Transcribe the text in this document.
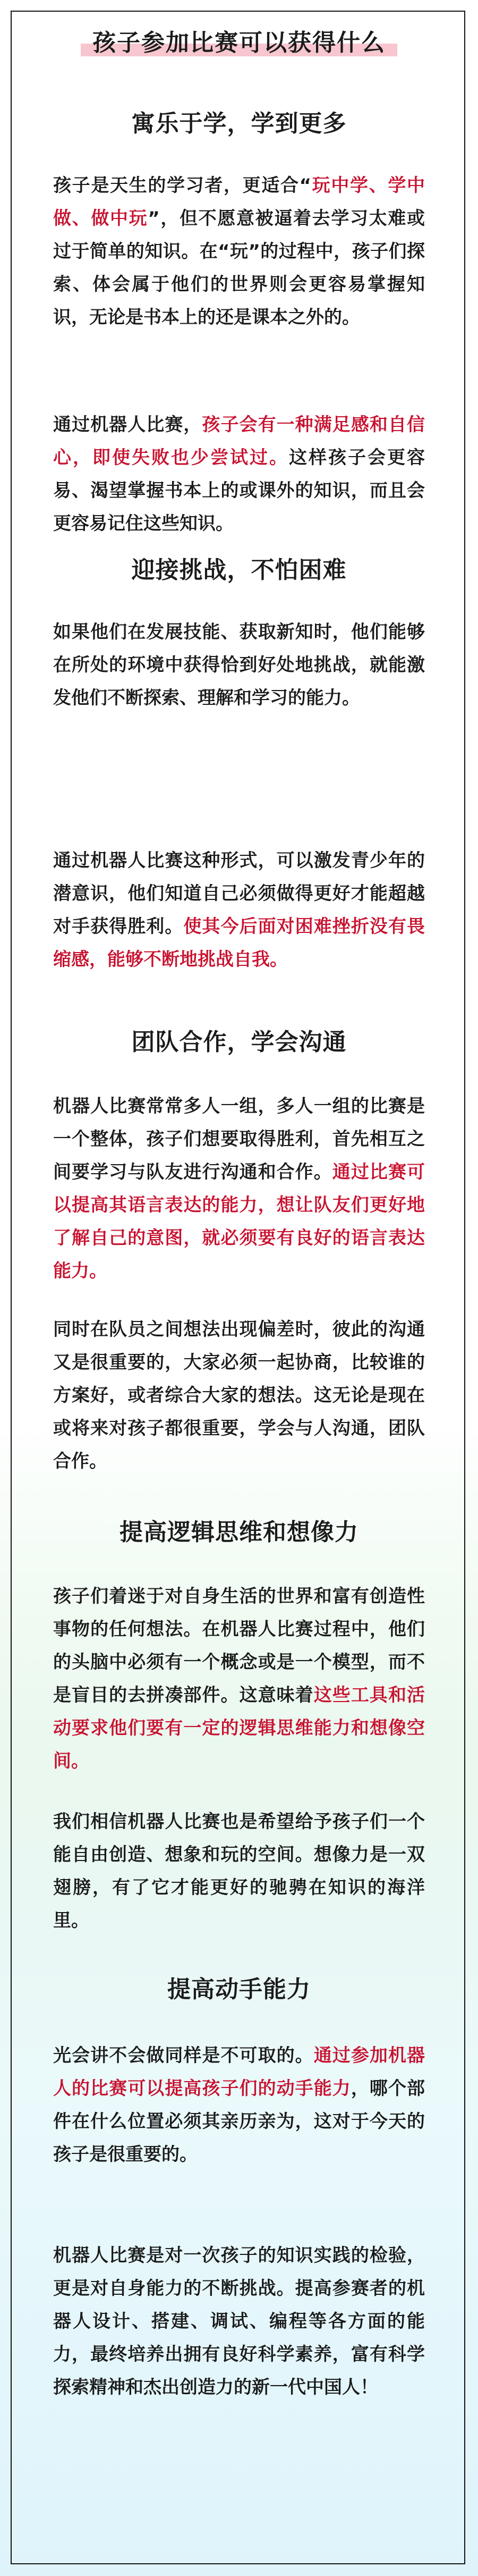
孩子参加比赛可以获得什么
寓乐于学，学到更多

孩子是天生的学习者，更适合“玩中学、学中做、做中玩”，但不愿意被逼着去学习太难或过于简单的知识。在“玩”的过程中，孩子们探索、体会属于他们的世界则会更容易掌握知识，无论是书本上的还是课本之外的。

通过机器人比赛，孩子会有一种满足感和自信心，即使失败也少尝试过。这样孩子会更容易、渴望掌握书本上的或课外的知识，而且会更容易记住这些知识。

迎接挑战，不怕困难

如果他们在发展技能、获取新知时，他们能够在所处的环境中获得恰到好处地挑战，就能激发他们不断探索、理解和学习的能力。

通过机器人比赛这种形式，可以激发青少年的潜意识，他们知道自己必须做得更好才能超越对手获得胜利。使其今后面对困难挫折没有畏缩感，能够不断地挑战自我。

团队合作，学会沟通

机器人比赛常常多人一组，多人一组的比赛是一个整体，孩子们想要取得胜利，首先相互之间要学习与队友进行沟通和合作。通过比赛可以提高其语言表达的能力，想让队友们更好地了解自己的意图，就必须要有良好的语言表达能力。

同时在队员之间想法出现偏差时，彼此的沟通又是很重要的，大家必须一起协商，比较谁的方案好，或者综合大家的想法。这无论是现在或将来对孩子都很重要，学会与人沟通，团队合作。

提高逻辑思维和想像力

孩子们着迷于对自身生活的世界和富有创造性事物的任何想法。在机器人比赛过程中，他们的头脑中必须有一个概念或是一个模型，而不是盲目的去拼凑部件。这意味着这些工具和活动要求他们要有一定的逻辑思维能力和想像空间。

我们相信机器人比赛也是希望给予孩子们一个能自由创造、想象和玩的空间。想像力是一双翅膀，有了它才能更好的驰骋在知识的海洋里。

提高动手能力

光会讲不会做同样是不可取的。通过参加机器人的比赛可以提高孩子们的动手能力，哪个部件在什么位置必须其亲历亲为，这对于今天的孩子是很重要的。

机器人比赛是对一次孩子的知识实践的检验，更是对自身能力的不断挑战。提高参赛者的机器人设计、搭建、调试、编程等各方面的能力，最终培养出拥有良好科学素养，富有科学探索精神和杰出创造力的新一代中国人！
